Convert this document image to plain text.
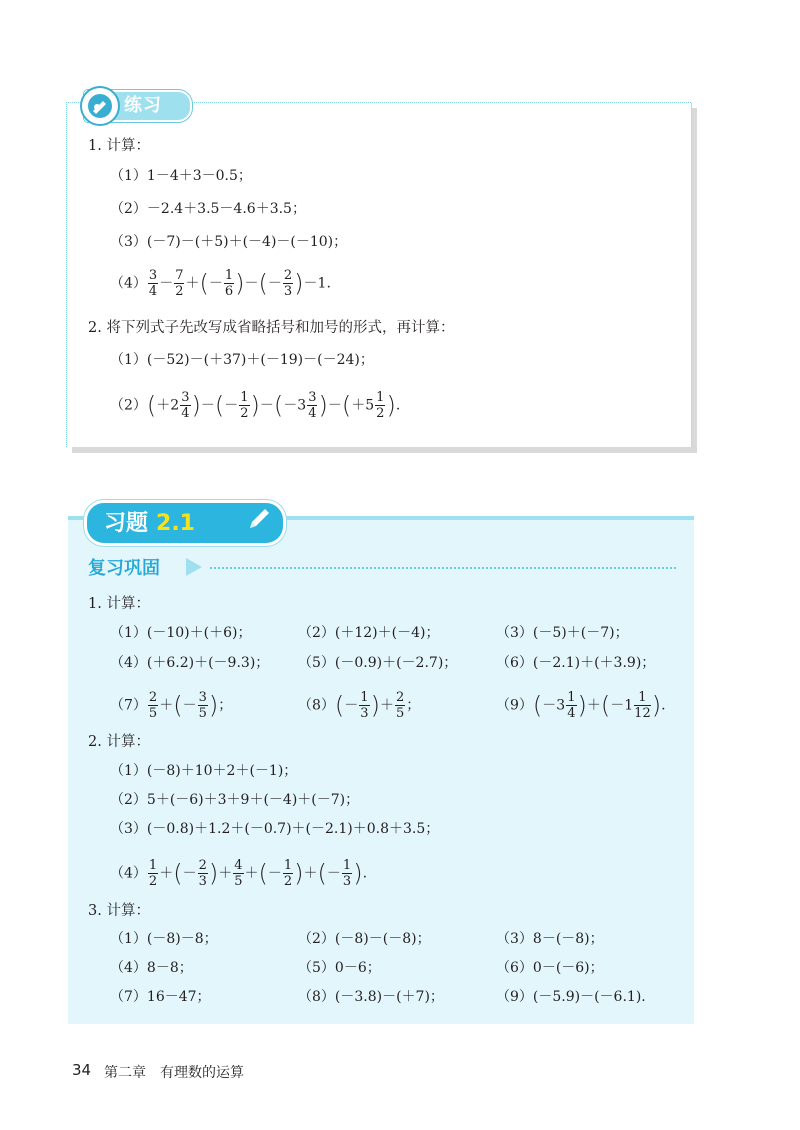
练习
1. 计算：
（1）1－4＋3－0.5；
（2）－2.4＋3.5－4.6＋3.5；
（3）(－7)－(＋5)＋(－4)－(－10)；
$(4) \frac{3}{4} - \frac{7}{2}$ ＋(－ $\frac{1}{6}$ )－(－ $\frac{2}{3} )-1$.
2. 将下列式子先改写成省略括号和加号的形式，再计算：
（1）(－52)－(＋37)＋(－19)－(－24)；
$(2)(+2 \frac{3}{4}$ )－(－ $\frac{1}{2} )-(-3 \frac{3}{4} )-(+5 \frac{1}{2}$ ).
习题 2.1
复习巩固
1. 计算：
（1）(－10)＋(＋6)；	（2）(＋12)＋(－4)；	（3）(－5)＋(－7)；
（4）(＋6.2)＋(－9.3)； （5）(－0.9)＋(－2.7)；	（6）(－2.1)＋(＋3.9)；
$(7) \frac{2}{5}$ ＋(－ $\frac{3}{5}$ )；	$(8)(- \frac{1}{3}$ )＋ $\frac{2}{5}$ ；	$(9)(-3 \frac{1}{4} )+(-1 \frac{1}{12}$ ).
2. 计算：
（1）(－8)＋10＋2＋(－1)；
（2）5＋(－6)＋3＋9＋(－4)＋(－7)；
（3）(－0.8)＋1.2＋(－0.7)＋(－2.1)＋0.8＋3.5；
$(4) \frac{1}{2}$ ＋(－ $\frac{2}{3}$ )＋ $\frac{4}{5}$ ＋(－ $\frac{1}{2}$ )＋(－ $\frac{1}{3}$ ).
3. 计算：
（1）(－8)－8；	（2）(－8)－(－8)；	（3）8－(－8)；
（4）8－8；	（5）0－6；	（6）0－(－6)；
（7）16－47；	（8）(－3.8)－(＋7)；	（9）(－5.9)－(－6.1).
34 第二章　有理数的运算
